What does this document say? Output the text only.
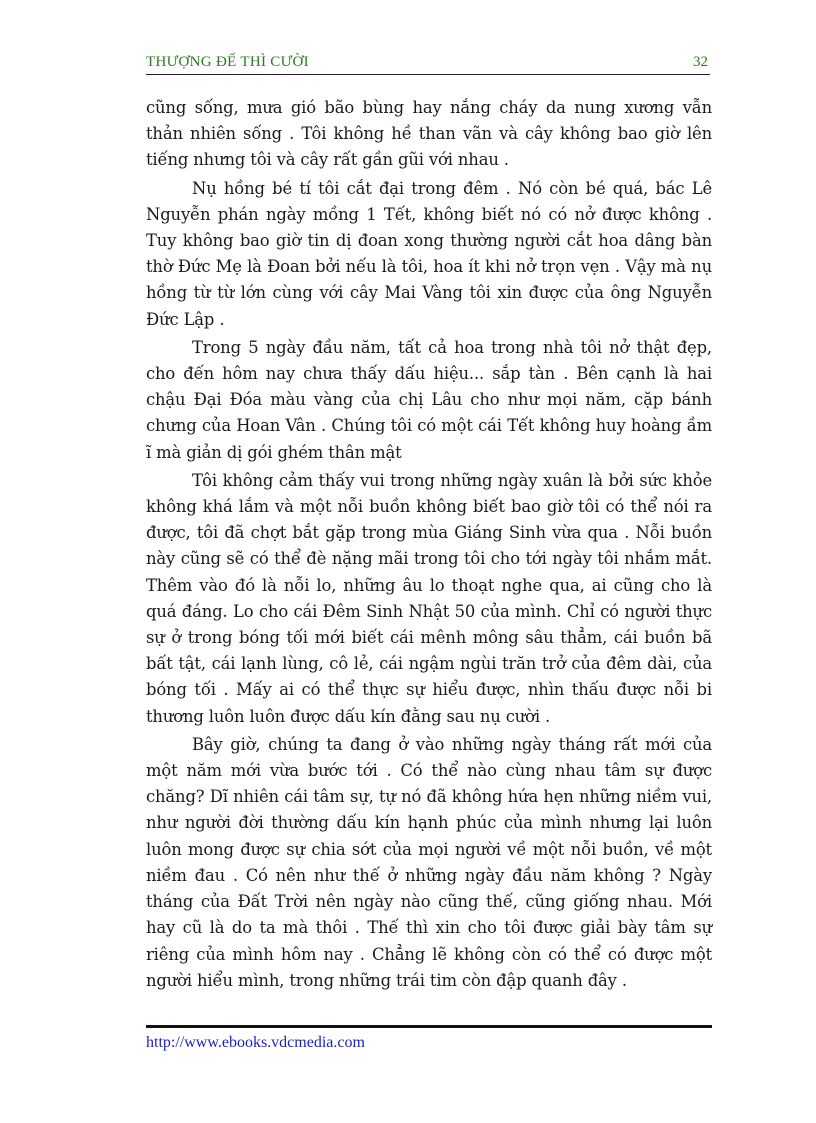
THƯỢNG ĐẾ THÌ CƯỜI	32

cũng sống, mưa gió bão bùng hay nắng cháy da nung xương vẫn thản nhiên sống . Tôi không hề than vãn và cây không bao giờ lên tiếng nhưng tôi và cây rất gần gũi với nhau .

Nụ hồng bé tí tôi cắt đại trong đêm . Nó còn bé quá, bác Lê Nguyễn phán ngày mồng 1 Tết, không biết nó có nở được không . Tuy không bao giờ tin dị đoan xong thường người cắt hoa dâng bàn thờ Đức Mẹ là Đoan bởi nếu là tôi, hoa ít khi nở trọn vẹn . Vậy mà nụ hồng từ từ lớn cùng với cây Mai Vàng tôi xin được của ông Nguyễn Đức Lập .

Trong 5 ngày đầu năm, tất cả hoa trong nhà tôi nở thật đẹp, cho đến hôm nay chưa thấy dấu hiệu... sắp tàn . Bên cạnh là hai chậu Đại Đóa màu vàng của chị Lâu cho như mọi năm, cặp bánh chưng của Hoan Vân . Chúng tôi có một cái Tết không huy hoàng ầm ĩ mà giản dị gói ghém thân mật

Tôi không cảm thấy vui trong những ngày xuân là bởi sức khỏe không khá lắm và một nỗi buồn không biết bao giờ tôi có thể nói ra được, tôi đã chợt bắt gặp trong mùa Giáng Sinh vừa qua . Nỗi buồn này cũng sẽ có thể đè nặng mãi trong tôi cho tới ngày tôi nhắm mắt. Thêm vào đó là nỗi lo, những âu lo thoạt nghe qua, ai cũng cho là quá đáng. Lo cho cái Đêm Sinh Nhật 50 của mình. Chỉ có người thực sự ở trong bóng tối mới biết cái mênh mông sâu thẳm, cái buồn bã bất tật, cái lạnh lùng, cô lẻ, cái ngậm ngùi trăn trở của đêm dài, của bóng tối . Mấy ai có thể thực sự hiểu được, nhìn thấu được nỗi bi thương luôn luôn được dấu kín đằng sau nụ cười .

Bây giờ, chúng ta đang ở vào những ngày tháng rất mới của một năm mới vừa bước tới . Có thể nào cùng nhau tâm sự được chăng? Dĩ nhiên cái tâm sự, tự nó đã không hứa hẹn những niềm vui, như người đời thường dấu kín hạnh phúc của mình nhưng lại luôn luôn mong được sự chia sớt của mọi người về một nỗi buồn, về một niềm đau . Có nên như thế ở những ngày đầu năm không ? Ngày tháng của Đất Trời nên ngày nào cũng thế, cũng giống nhau. Mới hay cũ là do ta mà thôi . Thế thì xin cho tôi được giải bày tâm sự riêng của mình hôm nay . Chẳng lẽ không còn có thể có được một người hiểu mình, trong những trái tim còn đập quanh đây .

http://www.ebooks.vdcmedia.com
